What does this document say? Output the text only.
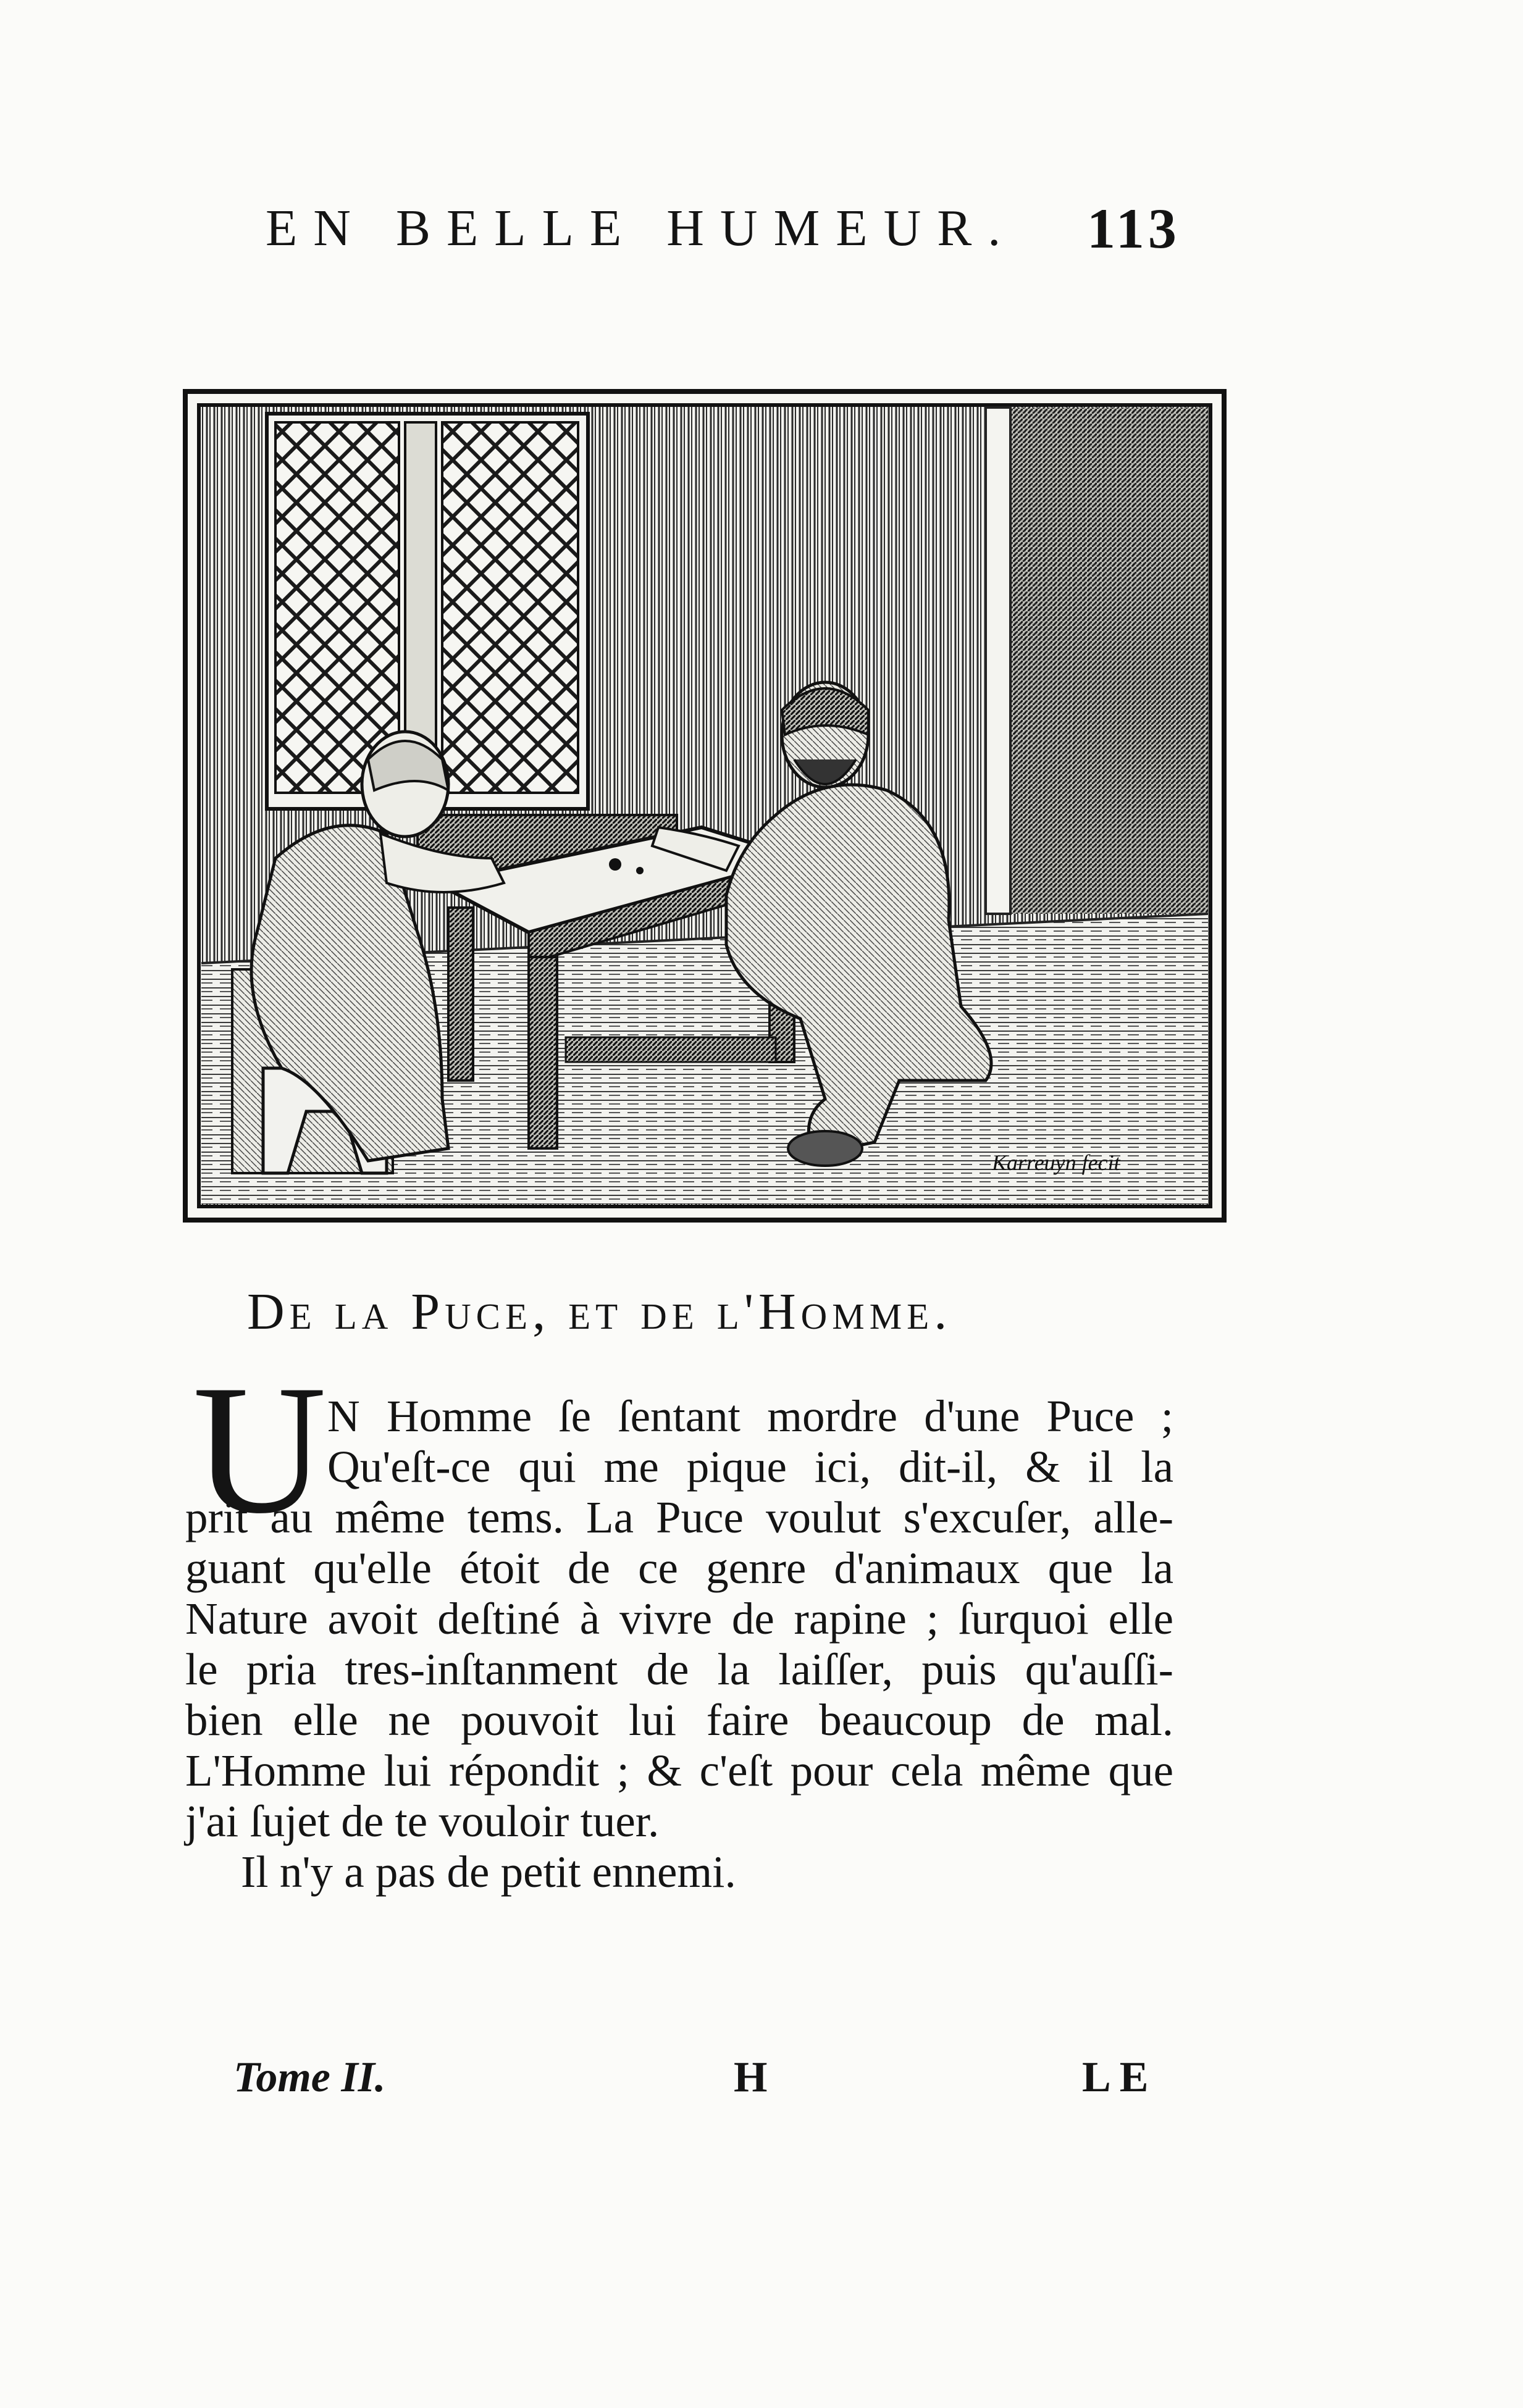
EN BELLE HUMEUR.	113
Karreuyn fecit
De la Puce, et de l'Homme.
U N Homme ſe ſentant mordre d'une Puce ;
Qu'eſt-ce qui me pique ici, dit-il, & il la
prit au même tems. La Puce voulut s'excuſer, alle-
guant qu'elle étoit de ce genre d'animaux que la
Nature avoit deſtiné à vivre de rapine ; ſurquoi elle
le pria tres-inſtanment de la laiſſer, puis qu'auſſi-
bien elle ne pouvoit lui faire beaucoup de mal.
L'Homme lui répondit ; & c'eſt pour cela même que
j'ai ſujet de te vouloir tuer.
Il n'y a pas de petit ennemi.
Tome II.	H	LE
